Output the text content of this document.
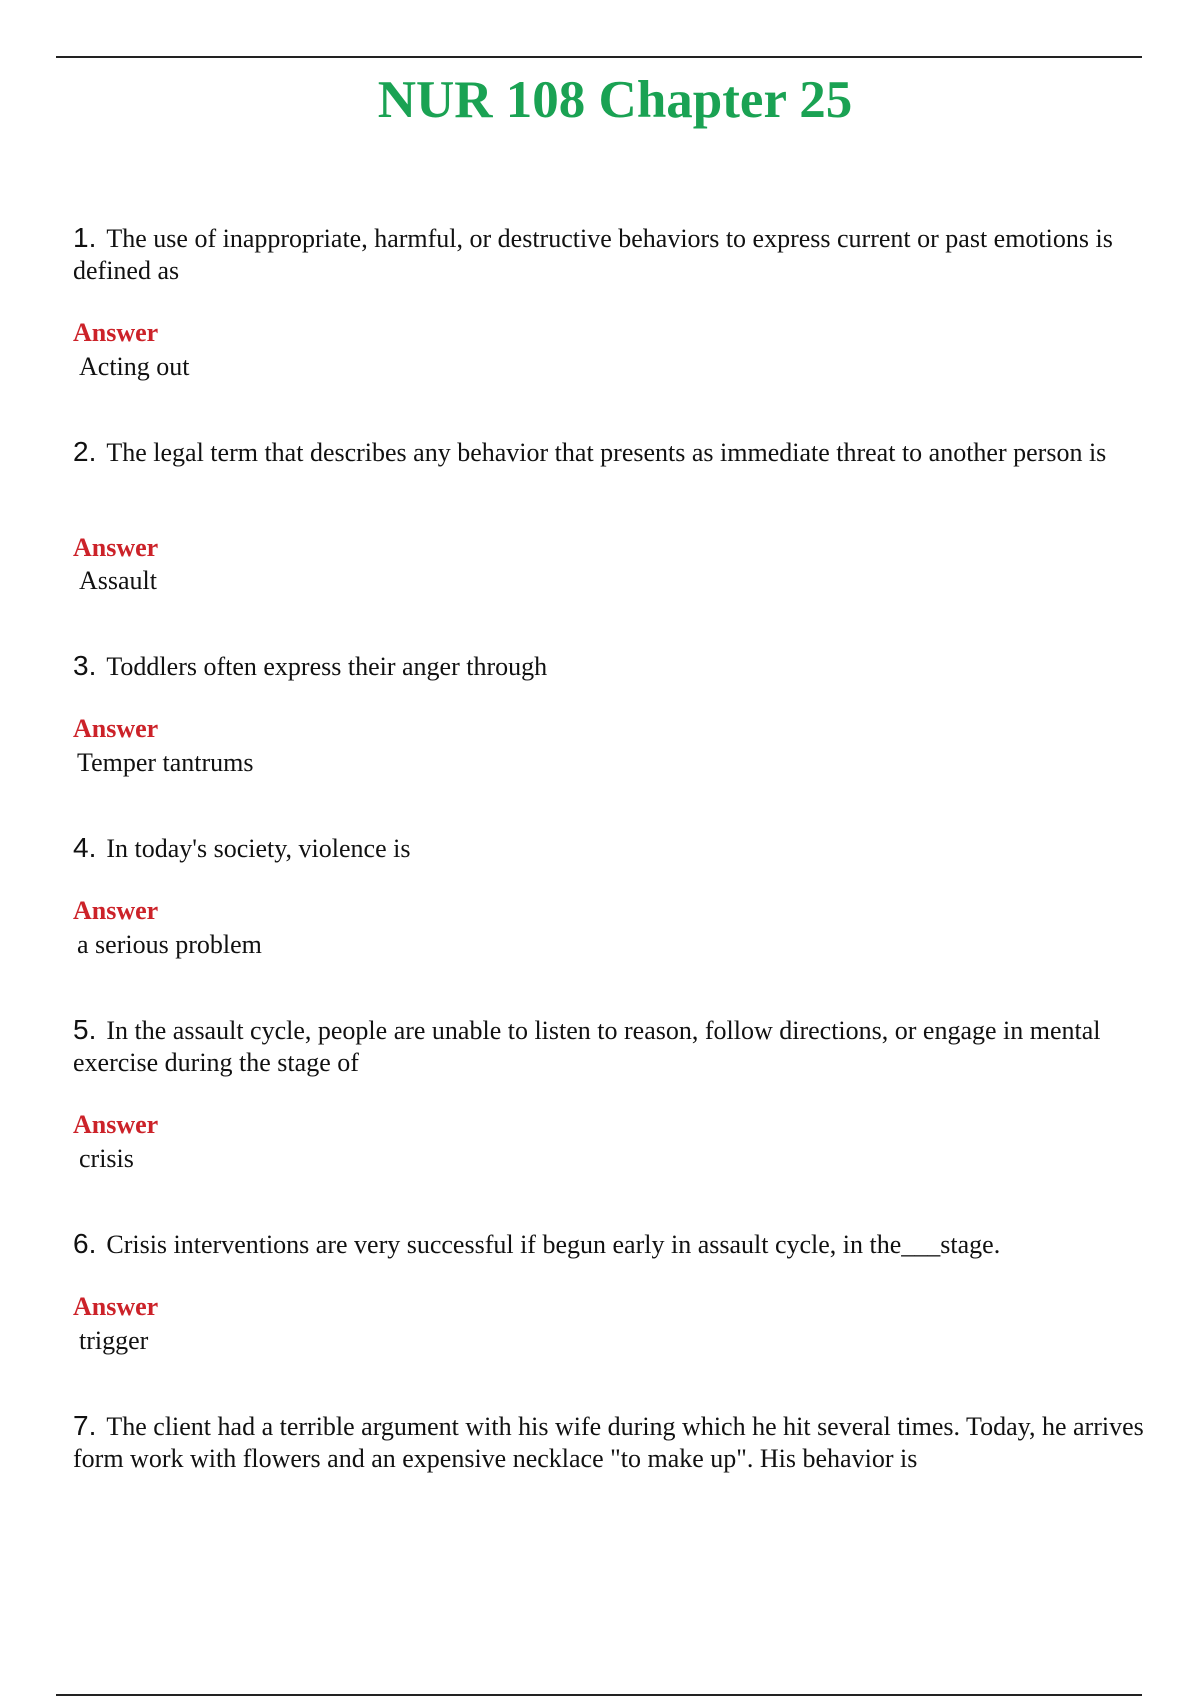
NUR 108 Chapter 25
1. The use of inappropriate, harmful, or destructive behaviors to express current or past emotions is defined as
Answer
Acting out
2. The legal term that describes any behavior that presents as immediate threat to another person is
Answer
Assault
3. Toddlers often express their anger through
Answer
Temper tantrums
4. In today's society, violence is
Answer
a serious problem
5. In the assault cycle, people are unable to listen to reason, follow directions, or engage in mental exercise during the stage of
Answer
crisis
6. Crisis interventions are very successful if begun early in assault cycle, in the___stage.
Answer
trigger
7. The client had a terrible argument with his wife during which he hit several times. Today, he arrives form work with flowers and an expensive necklace "to make up". His behavior is
